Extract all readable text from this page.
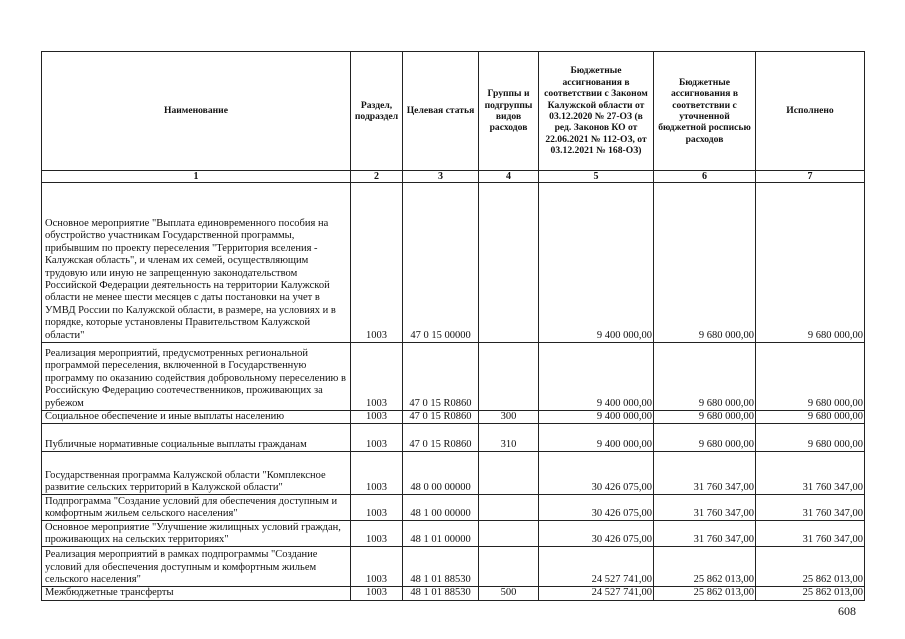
Наименование	Раздел, подраздел	Целевая статья	Группы и подгруппы видов расходов	Бюджетные ассигнования в соответствии с Законом Калужской области от 03.12.2020 № 27-ОЗ (в ред. Законов КО от 22.06.2021 № 112-ОЗ, от 03.12.2021 № 168-ОЗ)	Бюджетные ассигнования в соответствии с уточненной бюджетной росписью расходов	Исполнено
1	2	3	4	5	6	7
Основное мероприятие "Выплата единовременного пособия на обустройство участникам Государственной программы, прибывшим по проекту переселения "Территория вселения - Калужская область", и членам их семей, осуществляющим трудовую или иную не запрещенную законодательством Российской Федерации деятельность на территории Калужской области не менее шести месяцев с даты постановки на учет в УМВД России по Калужской области, в размере, на условиях и в порядке, которые установлены Правительством Калужской области"	1003	47 0 15 00000		9 400 000,00	9 680 000,00	9 680 000,00
Реализация мероприятий, предусмотренных региональной программой переселения, включенной в Государственную программу по оказанию содействия добровольному переселению в Российскую Федерацию соотечественников, проживающих за рубежом	1003	47 0 15 R0860		9 400 000,00	9 680 000,00	9 680 000,00
Социальное обеспечение и иные выплаты населению	1003	47 0 15 R0860	300	9 400 000,00	9 680 000,00	9 680 000,00
Публичные нормативные социальные выплаты гражданам	1003	47 0 15 R0860	310	9 400 000,00	9 680 000,00	9 680 000,00
Государственная программа Калужской области "Комплексное развитие сельских территорий в Калужской области"	1003	48 0 00 00000		30 426 075,00	31 760 347,00	31 760 347,00
Подпрограмма "Создание условий для обеспечения доступным и комфортным жильем сельского населения"	1003	48 1 00 00000		30 426 075,00	31 760 347,00	31 760 347,00
Основное мероприятие "Улучшение жилищных условий граждан, проживающих на сельских территориях"	1003	48 1 01 00000		30 426 075,00	31 760 347,00	31 760 347,00
Реализация мероприятий в рамках подпрограммы "Создание условий для обеспечения доступным и комфортным жильем сельского населения"	1003	48 1 01 88530		24 527 741,00	25 862 013,00	25 862 013,00
Межбюджетные трансферты	1003	48 1 01 88530	500	24 527 741,00	25 862 013,00	25 862 013,00
608
